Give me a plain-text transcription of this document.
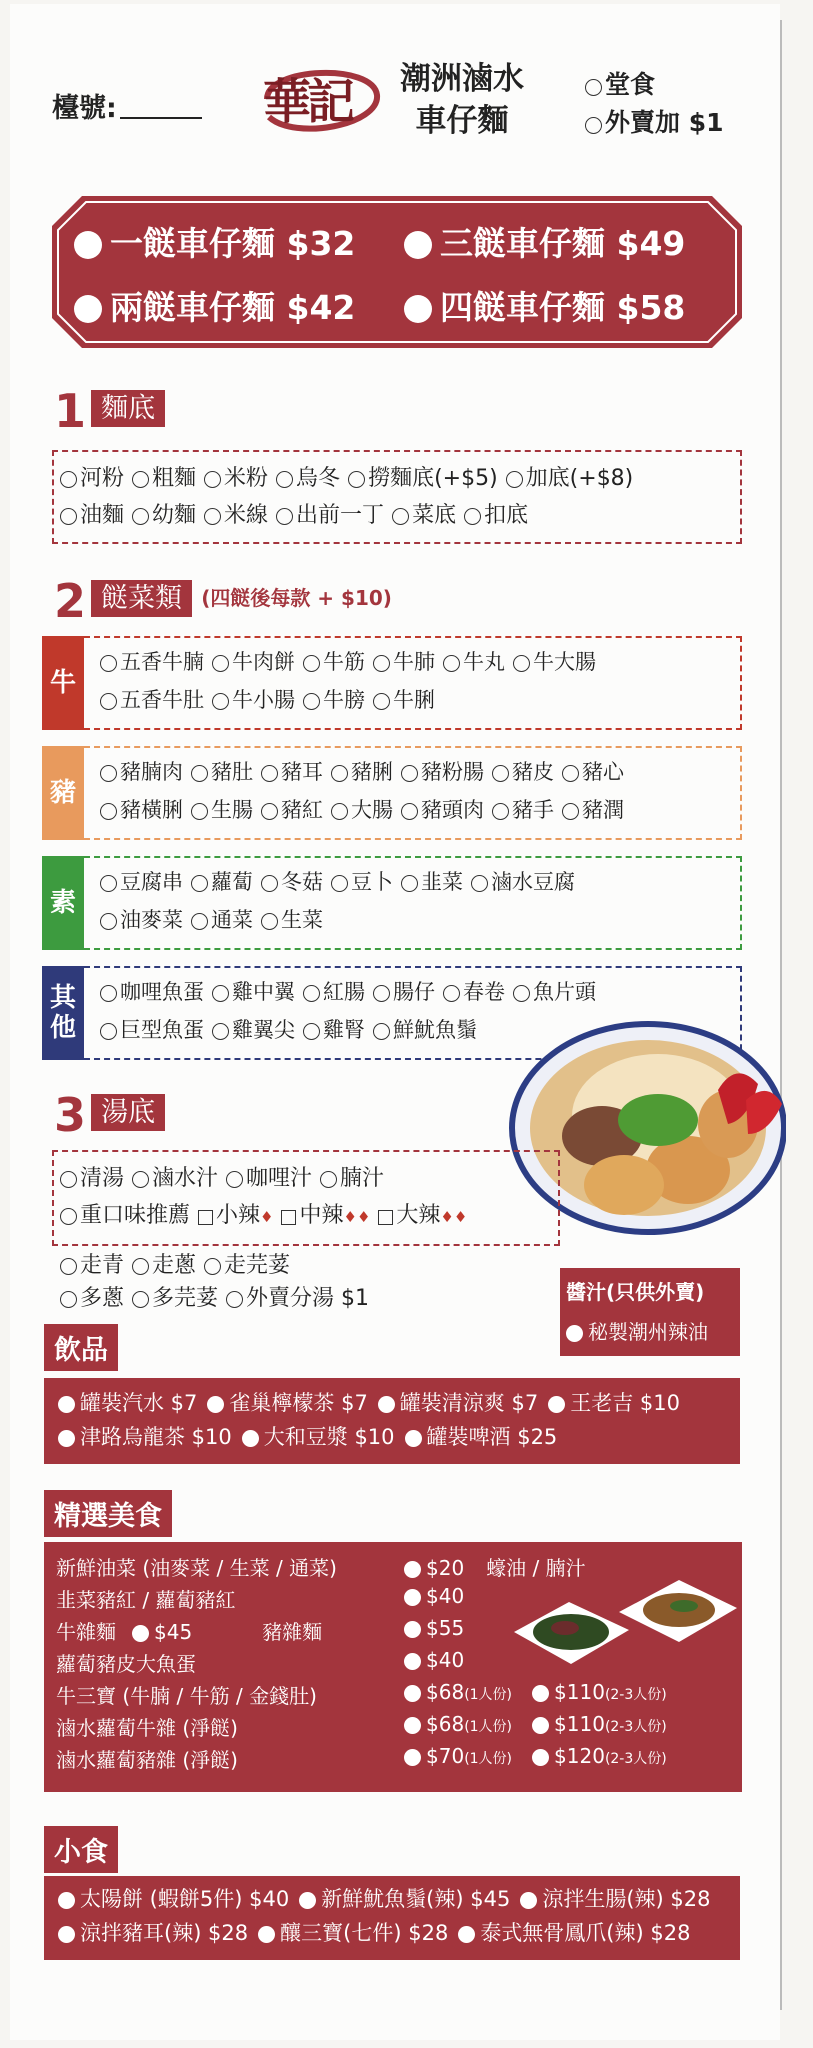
檯號:	華記 潮洲滷水
車仔麵
堂食
外賣加 $1
一餸車仔麵 $32	三餸車仔麵 $49
兩餸車仔麵 $42	四餸車仔麵 $58
1 麵底
河粉 粗麵 米粉 烏冬 撈麵底(+$5) 加底(+$8)
油麵 幼麵 米線 出前一丁 菜底 扣底
2 餸菜類 (四餸後每款 + $10)
牛
五香牛腩 牛肉餅 牛筋 牛肺 牛丸 牛大腸
五香牛肚 牛小腸 牛膀 牛脷
豬
豬腩肉 豬肚 豬耳 豬脷 豬粉腸 豬皮 豬心
豬橫脷 生腸 豬紅 大腸 豬頭肉 豬手 豬潤
素
豆腐串 蘿蔔 冬菇 豆卜 韭菜 滷水豆腐
油麥菜 通菜 生菜
其他
咖哩魚蛋 雞中翼 紅腸 腸仔 春卷 魚片頭
巨型魚蛋 雞翼尖 雞腎 鮮魷魚鬚
3 湯底
清湯 滷水汁 咖哩汁 腩汁
重口味推薦 小辣♦ 中辣♦♦ 大辣♦♦
走青 走蔥 走芫荽
多蔥 多芫荽 外賣分湯 $1	醬汁(只供外賣)
秘製潮州辣油
飲品
罐裝汽水 $7 雀巢檸檬茶 $7 罐裝清涼爽 $7 王老吉 $10
津路烏龍茶 $10 大和豆漿 $10 罐裝啤酒 $25
精選美食
新鮮油菜 (油麥菜 / 生菜 / 通菜)	$20 蠔油 / 腩汁
韭菜豬紅 / 蘿蔔豬紅	$40
牛雜麵 $45	豬雜麵	$55
蘿蔔豬皮大魚蛋	$40
牛三寶 (牛腩 / 牛筋 / 金錢肚)	$68(1人份) $110(2-3人份)
滷水蘿蔔牛雜 (淨餸)	$68(1人份) $110(2-3人份)
滷水蘿蔔豬雜 (淨餸)	$70(1人份) $120(2-3人份)
小食
太陽餅 (蝦餅5件) $40 新鮮魷魚鬚(辣) $45 涼拌生腸(辣) $28
涼拌豬耳(辣) $28 釀三寶(七件) $28 泰式無骨鳳爪(辣) $28
